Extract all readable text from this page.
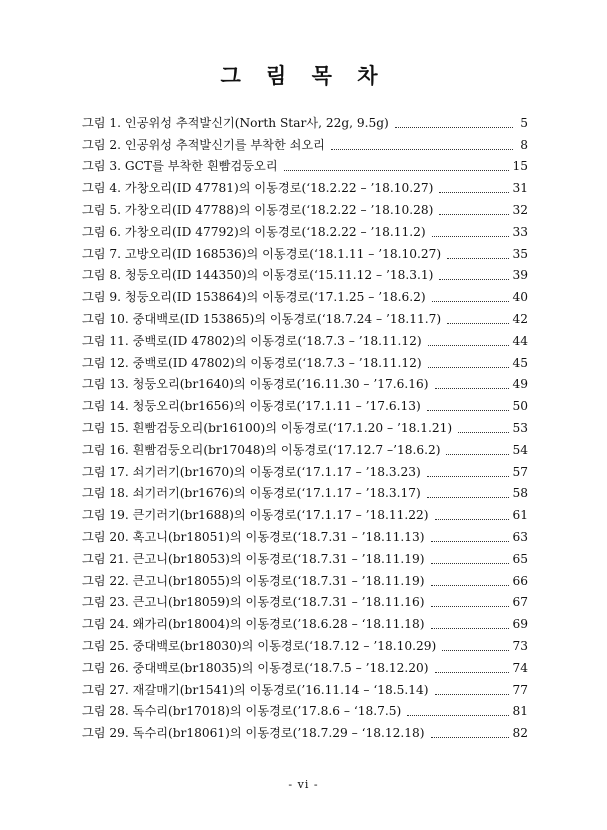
그 림 목 차
그림 1. 인공위성 추적발신기(North Star사, 22g, 9.5g)	5
그림 2. 인공위성 추적발신기를 부착한 쇠오리	8
그림 3. GCT를 부착한 흰빰검둥오리	15
그림 4. 가창오리(ID 47781)의 이동경로(‘18.2.22 – ’18.10.27)	31
그림 5. 가창오리(ID 47788)의 이동경로(‘18.2.22 – ’18.10.28)	32
그림 6. 가창오리(ID 47792)의 이동경로(‘18.2.22 – ’18.11.2)	33
그림 7. 고방오리(ID 168536)의 이동경로(‘18.1.11 – ’18.10.27)	35
그림 8. 청둥오리(ID 144350)의 이동경로(‘15.11.12 – ’18.3.1)	39
그림 9. 청둥오리(ID 153864)의 이동경로(‘17.1.25 – ’18.6.2)	40
그림 10. 중대백로(ID 153865)의 이동경로(‘18.7.24 – ’18.11.7)	42
그림 11. 중백로(ID 47802)의 이동경로(‘18.7.3 – ’18.11.12)	44
그림 12. 중백로(ID 47802)의 이동경로(‘18.7.3 – ’18.11.12)	45
그림 13. 청둥오리(br1640)의 이동경로(’16.11.30 – ’17.6.16)	49
그림 14. 청둥오리(br1656)의 이동경로(’17.1.11 – ’17.6.13)	50
그림 15. 흰빰검둥오리(br16100)의 이동경로(‘17.1.20 – ’18.1.21)	53
그림 16. 흰빰검둥오리(br17048)의 이동경로(‘17.12.7 –’18.6.2)	54
그림 17. 쇠기러기(br1670)의 이동경로(‘17.1.17 – ’18.3.23)	57
그림 18. 쇠기러기(br1676)의 이동경로(‘17.1.17 – ’18.3.17)	58
그림 19. 큰기러기(br1688)의 이동경로(‘17.1.17 – ’18.11.22)	61
그림 20. 혹고니(br18051)의 이동경로(‘18.7.31 – ’18.11.13)	63
그림 21. 큰고니(br18053)의 이동경로(‘18.7.31 – ’18.11.19)	65
그림 22. 큰고니(br18055)의 이동경로(‘18.7.31 – ’18.11.19)	66
그림 23. 큰고니(br18059)의 이동경로(‘18.7.31 – ’18.11.16)	67
그림 24. 왜가리(br18004)의 이동경로(’18.6.28 – ‘18.11.18)	69
그림 25. 중대백로(br18030)의 이동경로(‘18.7.12 – ’18.10.29)	73
그림 26. 중대백로(br18035)의 이동경로(‘18.7.5 – ’18.12.20)	74
그림 27. 재갈매기(br1541)의 이동경로(’16.11.14 – ‘18.5.14)	77
그림 28. 독수리(br17018)의 이동경로(’17.8.6 – ‘18.7.5)	81
그림 29. 독수리(br18061)의 이동경로(’18.7.29 – ‘18.12.18)	82
- vi -
